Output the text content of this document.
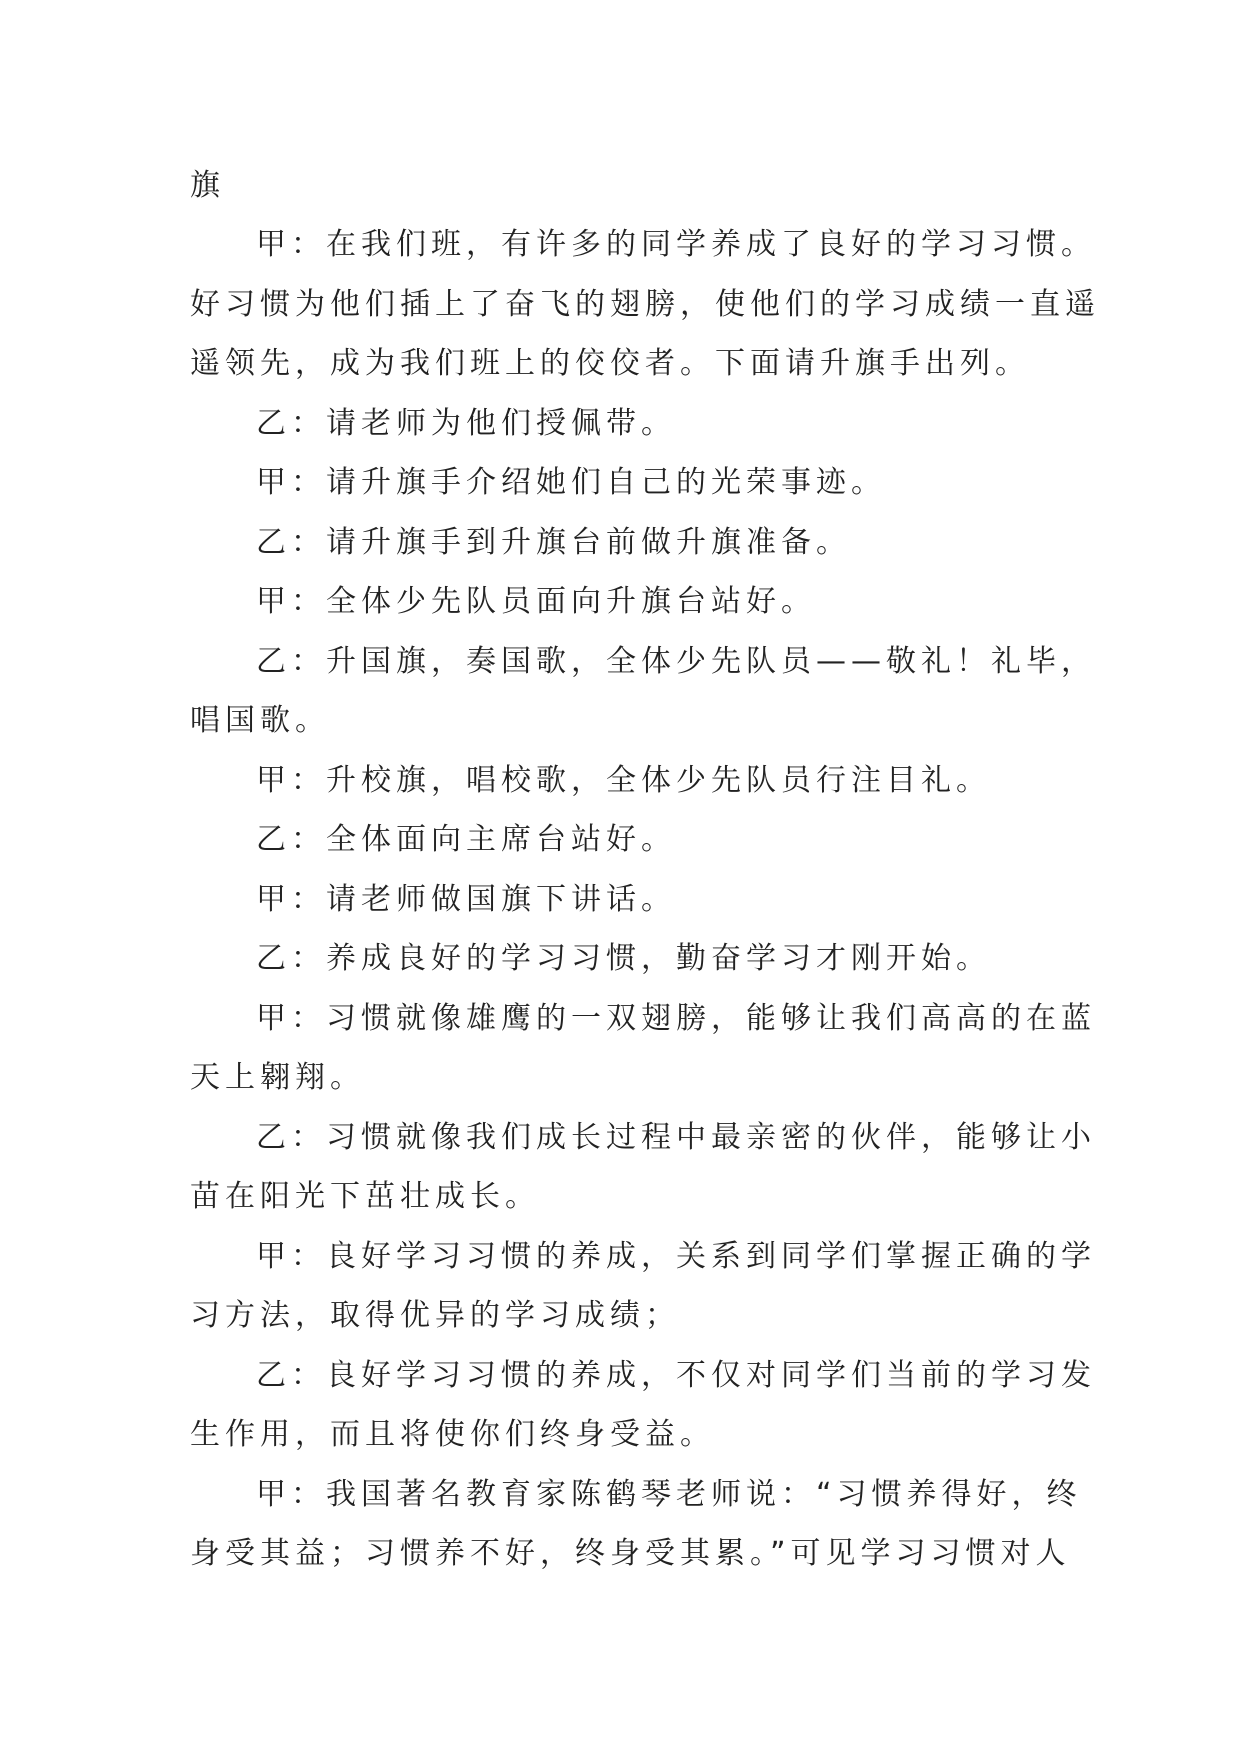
旗
甲：在我们班，有许多的同学养成了良好的学习习惯。
好习惯为他们插上了奋飞的翅膀，使他们的学习成绩一直遥
遥领先，成为我们班上的佼佼者。下面请升旗手出列。
乙：请老师为他们授佩带。
甲：请升旗手介绍她们自己的光荣事迹。
乙：请升旗手到升旗台前做升旗准备。
甲：全体少先队员面向升旗台站好。
乙：升国旗，奏国歌，全体少先队员——敬礼！礼毕，
唱国歌。
甲：升校旗，唱校歌，全体少先队员行注目礼。
乙：全体面向主席台站好。
甲：请老师做国旗下讲话。
乙：养成良好的学习习惯，勤奋学习才刚开始。
甲：习惯就像雄鹰的一双翅膀，能够让我们高高的在蓝
天上翱翔。
乙：习惯就像我们成长过程中最亲密的伙伴，能够让小
苗在阳光下茁壮成长。
甲：良好学习习惯的养成，关系到同学们掌握正确的学
习方法，取得优异的学习成绩；
乙：良好学习习惯的养成，不仅对同学们当前的学习发
生作用，而且将使你们终身受益。
甲：我国著名教育家陈鹤琴老师说：“习惯养得好，终
身受其益；习惯养不好，终身受其累。”可见学习习惯对人
